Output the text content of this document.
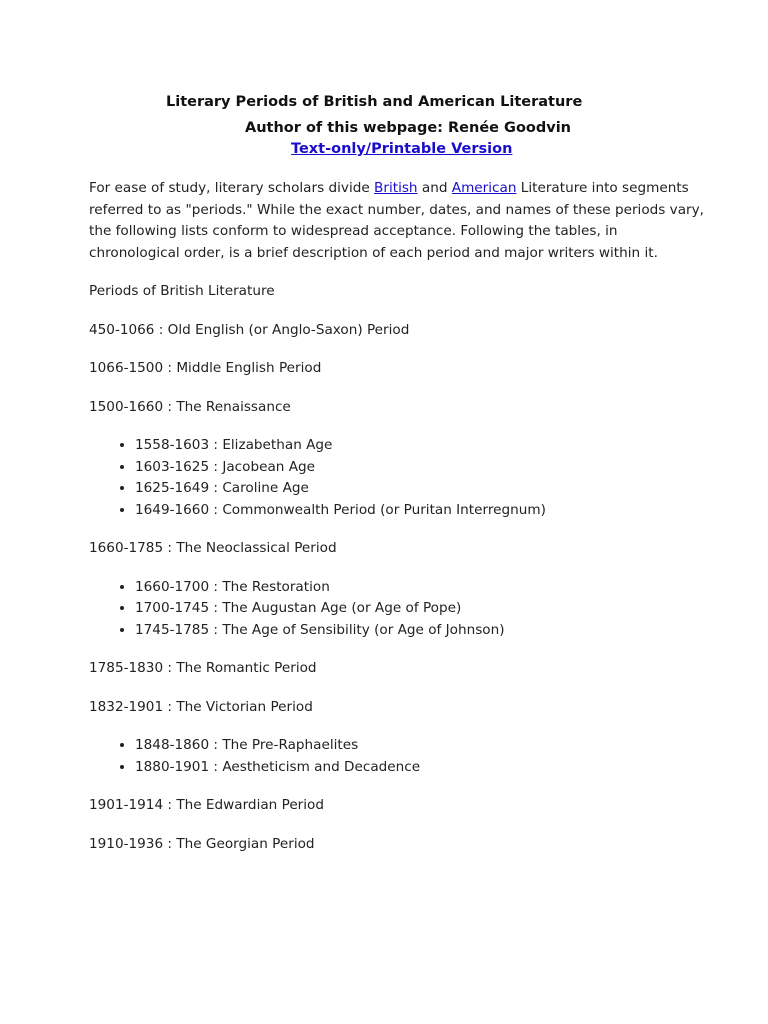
Literary Periods of British and American Literature
Author of this webpage: Renée Goodvin
Text-only/Printable Version

For ease of study, literary scholars divide British and American Literature into segments referred to as "periods." While the exact number, dates, and names of these periods vary, the following lists conform to widespread acceptance. Following the tables, in chronological order, is a brief description of each period and major writers within it.

Periods of British Literature

450-1066 : Old English (or Anglo-Saxon) Period

1066-1500 : Middle English Period

1500-1660 : The Renaissance

• 1558-1603 : Elizabethan Age
• 1603-1625 : Jacobean Age
• 1625-1649 : Caroline Age
• 1649-1660 : Commonwealth Period (or Puritan Interregnum)

1660-1785 : The Neoclassical Period

• 1660-1700 : The Restoration
• 1700-1745 : The Augustan Age (or Age of Pope)
• 1745-1785 : The Age of Sensibility (or Age of Johnson)

1785-1830 : The Romantic Period

1832-1901 : The Victorian Period

• 1848-1860 : The Pre-Raphaelites
• 1880-1901 : Aestheticism and Decadence

1901-1914 : The Edwardian Period

1910-1936 : The Georgian Period
